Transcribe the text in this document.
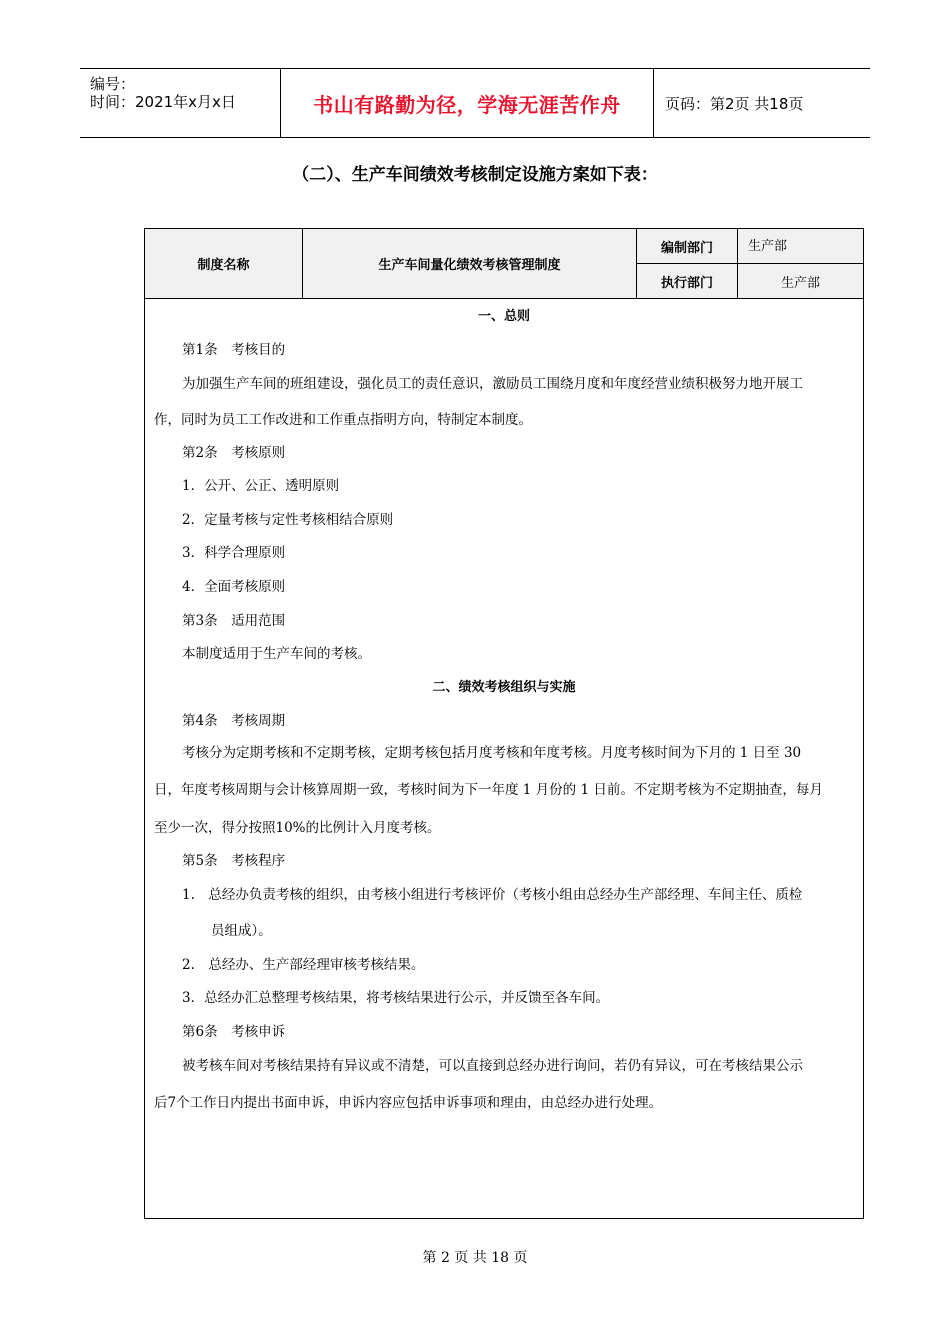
编号：
时间：2021年x月x日	书山有路勤为径，学海无涯苦作舟	页码：第2页 共18页
（二）、生产车间绩效考核制定设施方案如下表：
制度名称	生产车间量化绩效考核管理制度
编制部门	生产部
执行部门	生产部
一、总则
第1条　考核目的
为加强生产车间的班组建设，强化员工的责任意识，激励员工围绕月度和年度经营业绩积极努力地开展工
作，同时为员工工作改进和工作重点指明方向，特制定本制度。
第2条　考核原则
1．公开、公正、透明原则
2．定量考核与定性考核相结合原则
3．科学合理原则
4．全面考核原则
第3条　适用范围
本制度适用于生产车间的考核。
二、绩效考核组织与实施
第4条　考核周期
考核分为定期考核和不定期考核，定期考核包括月度考核和年度考核。月度考核时间为下月的 1 日至 30
日，年度考核周期与会计核算周期一致，考核时间为下一年度 1 月份的 1 日前。不定期考核为不定期抽查，每月
至少一次，得分按照10%的比例计入月度考核。
第5条　考核程序
1.　总经办负责考核的组织，由考核小组进行考核评价（考核小组由总经办生产部经理、车间主任、质检
员组成）。
2.　总经办、生产部经理审核考核结果。
3．总经办汇总整理考核结果，将考核结果进行公示，并反馈至各车间。
第6条　考核申诉
被考核车间对考核结果持有异议或不清楚，可以直接到总经办进行询问，若仍有异议，可在考核结果公示
后7个工作日内提出书面申诉，申诉内容应包括申诉事项和理由，由总经办进行处理。
第 2 页 共 18 页
